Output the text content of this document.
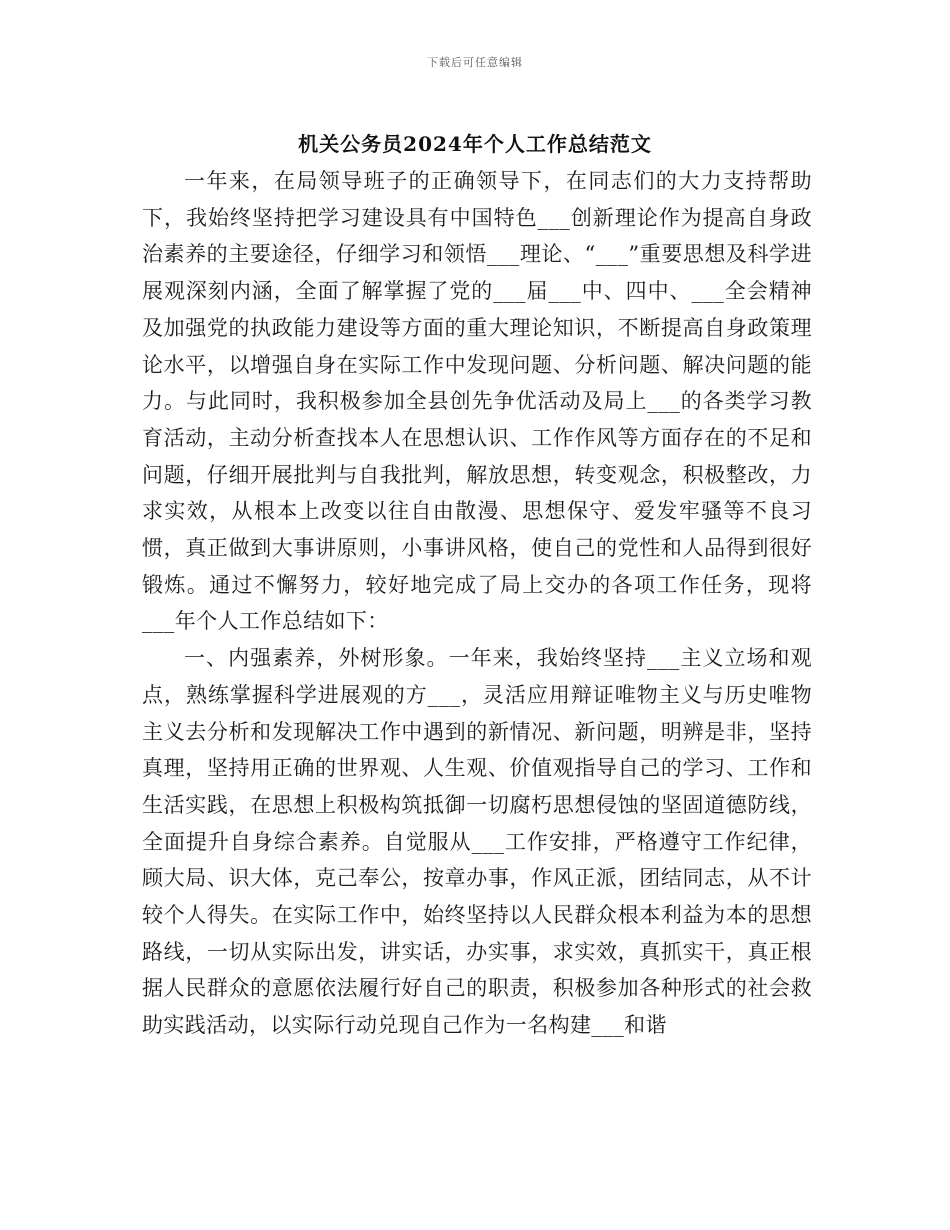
下载后可任意编辑
机关公务员2024年个人工作总结范文

一年来，在局领导班子的正确领导下，在同志们的大力支持帮助下，我始终坚持把学习建设具有中国特色___创新理论作为提高自身政治素养的主要途径，仔细学习和领悟___理论、“___”重要思想及科学进展观深刻内涵，全面了解掌握了党的___届___中、四中、___全会精神及加强党的执政能力建设等方面的重大理论知识，不断提高自身政策理论水平，以增强自身在实际工作中发现问题、分析问题、解决问题的能力。与此同时，我积极参加全县创先争优活动及局上___的各类学习教育活动，主动分析查找本人在思想认识、工作作风等方面存在的不足和问题，仔细开展批判与自我批判，解放思想，转变观念，积极整改，力求实效，从根本上改变以往自由散漫、思想保守、爱发牢骚等不良习惯，真正做到大事讲原则，小事讲风格，使自己的党性和人品得到很好锻炼。通过不懈努力，较好地完成了局上交办的各项工作任务，现将___年个人工作总结如下：

一、内强素养，外树形象。一年来，我始终坚持___主义立场和观点，熟练掌握科学进展观的方___，灵活应用辩证唯物主义与历史唯物主义去分析和发现解决工作中遇到的新情况、新问题，明辨是非，坚持真理，坚持用正确的世界观、人生观、价值观指导自己的学习、工作和生活实践，在思想上积极构筑抵御一切腐朽思想侵蚀的坚固道德防线，全面提升自身综合素养。自觉服从___工作安排，严格遵守工作纪律，顾大局、识大体，克己奉公，按章办事，作风正派，团结同志，从不计较个人得失。在实际工作中，始终坚持以人民群众根本利益为本的思想路线，一切从实际出发，讲实话，办实事，求实效，真抓实干，真正根据人民群众的意愿依法履行好自己的职责，积极参加各种形式的社会救助实践活动，以实际行动兑现自己作为一名构建___和谐
